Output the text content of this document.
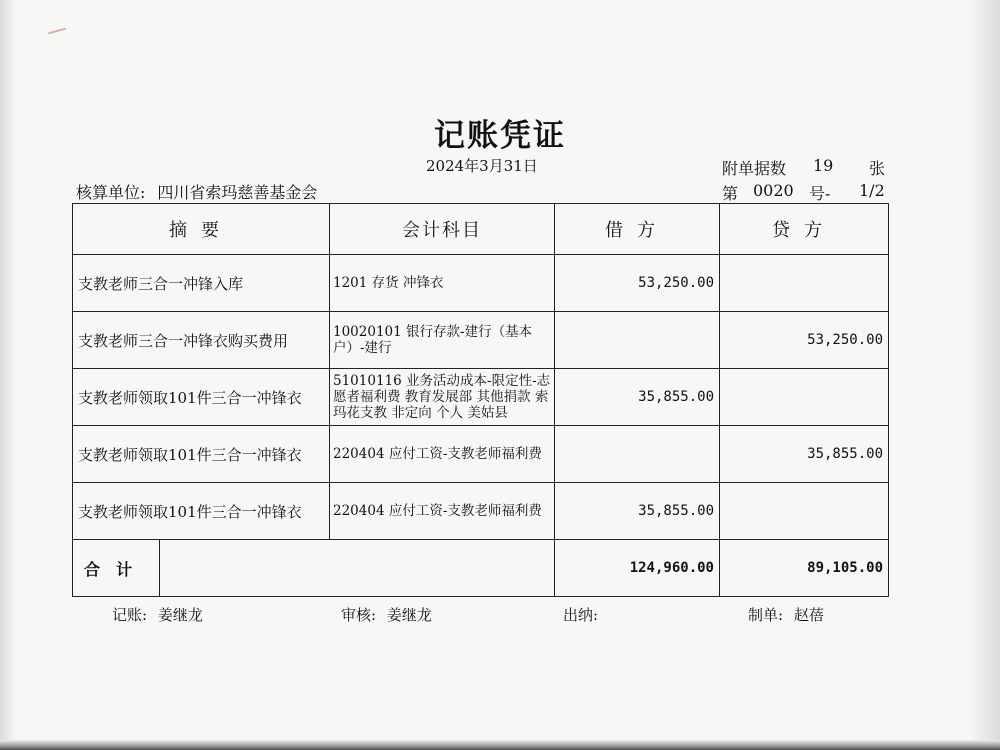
记账凭证
2024年3月31日	附单据数 19 张
核算单位: 四川省索玛慈善基金会	第 0020 号- 1/2
摘要	会计科目	借方	贷方
支教老师三合一冲锋入库	1201 存货 冲锋衣	53,250.00	
支教老师三合一冲锋衣购买费用	10020101 银行存款-建行（基本户）-建行		53,250.00
支教老师领取101件三合一冲锋衣	51010116 业务活动成本-限定性-志愿者福利费 教育发展部 其他捐款 索玛花支教 非定向 个人 美姑县	35,855.00	
支教老师领取101件三合一冲锋衣	220404 应付工资-支教老师福利费		35,855.00
支教老师领取101件三合一冲锋衣	220404 应付工资-支教老师福利费	35,855.00	

合计		124,960.00	89,105.00
记账: 姜继龙	审核: 姜继龙	出纳:	制单: 赵蓓
